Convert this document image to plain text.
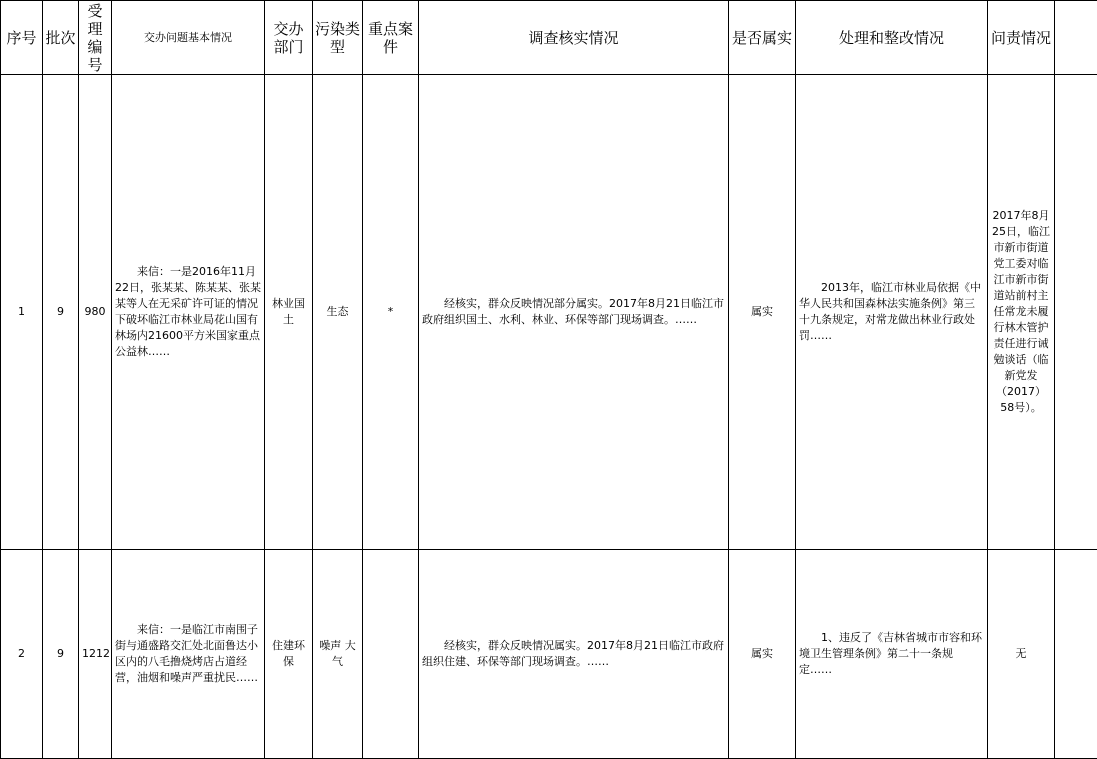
序号	批次	受理编号	交办问题基本情况	交办部门	污染类型	重点案件	调查核实情况	是否属实	处理和整改情况	问责情况	
1	9	980	来信：一是2016年11月22日，张某某、陈某某、张某某等人在无采矿许可证的情况下破坏临江市林业局花山国有林场内21600平方米国家重点公益林……	林业国土	生态	*	经核实，群众反映情况部分属实。2017年8月21日临江市政府组织国土、水利、林业、环保等部门现场调查。……	属实	2013年，临江市林业局依据《中华人民共和国森林法实施条例》第三十九条规定，对常龙做出林业行政处罚……	2017年8月25日，临江市新市街道党工委对临江市新市街道站前村主任常龙未履行林木管护责任进行诫勉谈话（临新党发（2017）58号）。	
2	9	1212	来信：一是临江市南围子街与通盛路交汇处北面鲁达小区内的八毛撸烧烤店占道经营，油烟和噪声严重扰民……	住建环保	噪声 大气		经核实，群众反映情况属实。2017年8月21日临江市政府组织住建、环保等部门现场调查。……	属实	1、违反了《吉林省城市市容和环境卫生管理条例》第二十一条规定……	无	
